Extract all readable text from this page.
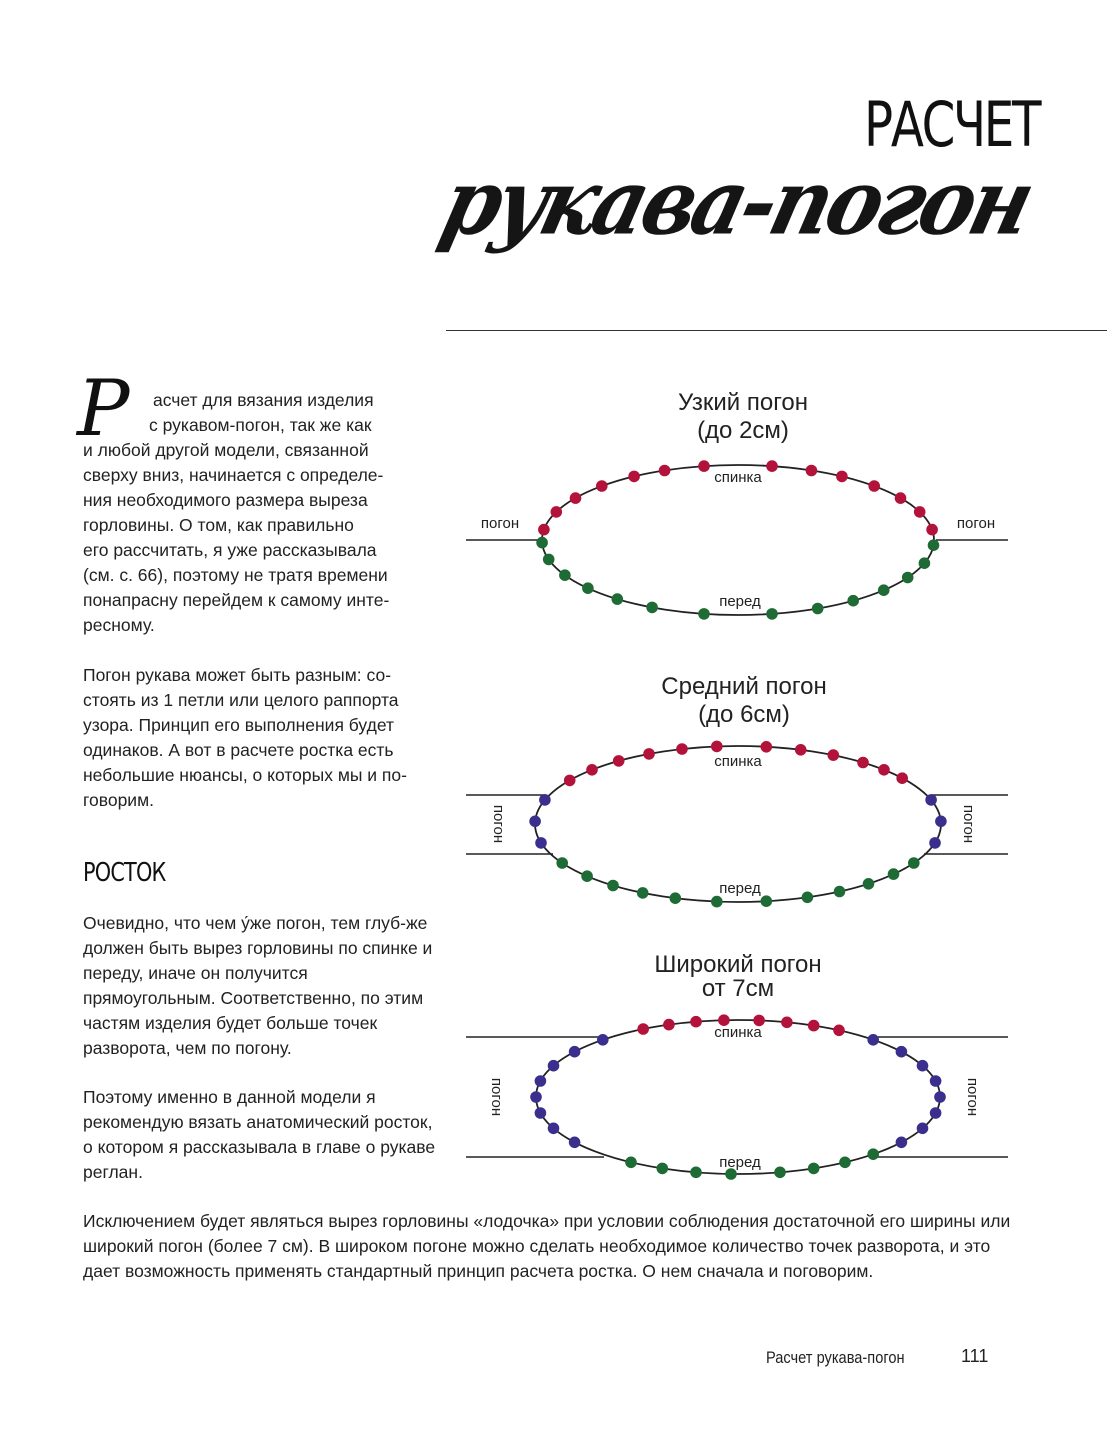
РАСЧЕТ
рукава-погон
Р	асчет для вязания изделия
с рукавом-погон, так же как
и любой другой модели, связанной
сверху вниз, начинается с определе-
ния необходимого размера выреза
горловины. О том, как правильно
его рассчитать, я уже рассказывала
(см. с. 66), поэтому не тратя времени
понапрасну перейдем к самому инте-
ресному.

Погон рукава может быть разным: со-стоять из 1 петли или целого раппорта узора. Принцип его выполнения будет одинаков. А вот в расчете ростка есть небольшие нюансы, о которых мы и по-говорим.

РОСТОК

Очевидно, что чем у́же погон, тем глуб-же должен быть вырез горловины по спинке и переду, иначе он получится прямоугольным. Соответственно, по этим частям изделия будет больше точек разворота, чем по погону.

Поэтому именно в данной модели я рекомендую вязать анатомический росток, о котором я рассказывала в главе о рукаве реглан.

Исключением будет являться вырез горловины «лодочка» при условии соблюдения достаточной его ширины или широкий погон (более 7 см). В широком погоне можно сделать необходимое количество точек разворота, и это дает возможность применять стандартный принцип расчета ростка. О нем сначала и поговорим.

Узкий погон
(до 2см)
спинка
перед
погон	погон
Средний погон
(до 6см)
спинка
перед
погон	погон
Широкий погон
от 7см
спинка
перед
погон	погон
Расчет рукава-погон	111
